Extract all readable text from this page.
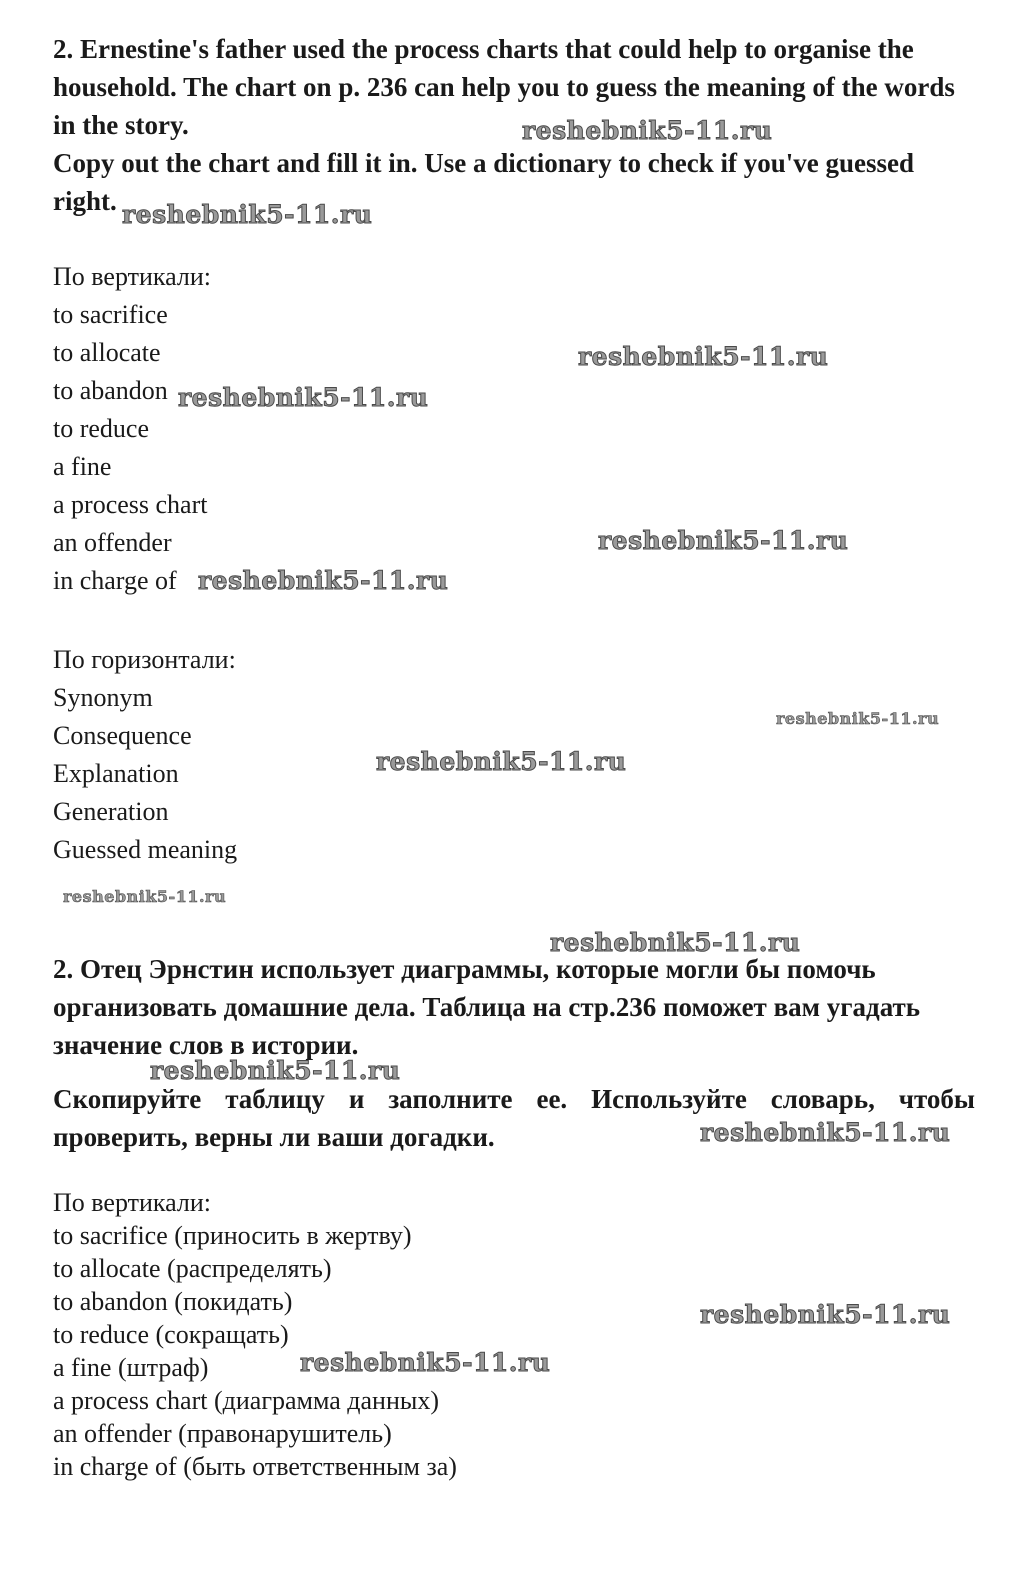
2. Ernestine's father used the process charts that could help to organise the household. The chart on p. 236 can help you to guess the meaning of the words in the story.

Copy out the chart and fill it in. Use a dictionary to check if you've guessed right.

По вертикали:
to sacrifice
to allocate
to abandon
to reduce
a fine
a process chart
an offender
in charge of
По горизонтали:
Synonym
Consequence
Explanation
Generation
Guessed meaning

2. Отец Эрнстин использует диаграммы, которые могли бы помочь организовать домашние дела. Таблица на стр.236 поможет вам угадать значение слов в истории.

Скопируйте таблицу и заполните ее. Используйте словарь, чтобы проверить, верны ли ваши догадки.

По вертикали:
to sacrifice (приносить в жертву)
to allocate (распределять)
to abandon (покидать)
to reduce (сокращать)
a fine (штраф)
a process chart (диаграмма данных)
an offender (правонарушитель)
in charge of (быть ответственным за)
reshebnik5-11.ru
reshebnik5-11.ru
reshebnik5-11.ru
reshebnik5-11.ru
reshebnik5-11.ru
reshebnik5-11.ru
reshebnik5-11.ru
reshebnik5-11.ru
reshebnik5-11.ru
reshebnik5-11.ru
reshebnik5-11.ru
reshebnik5-11.ru
reshebnik5-11.ru
reshebnik5-11.ru
